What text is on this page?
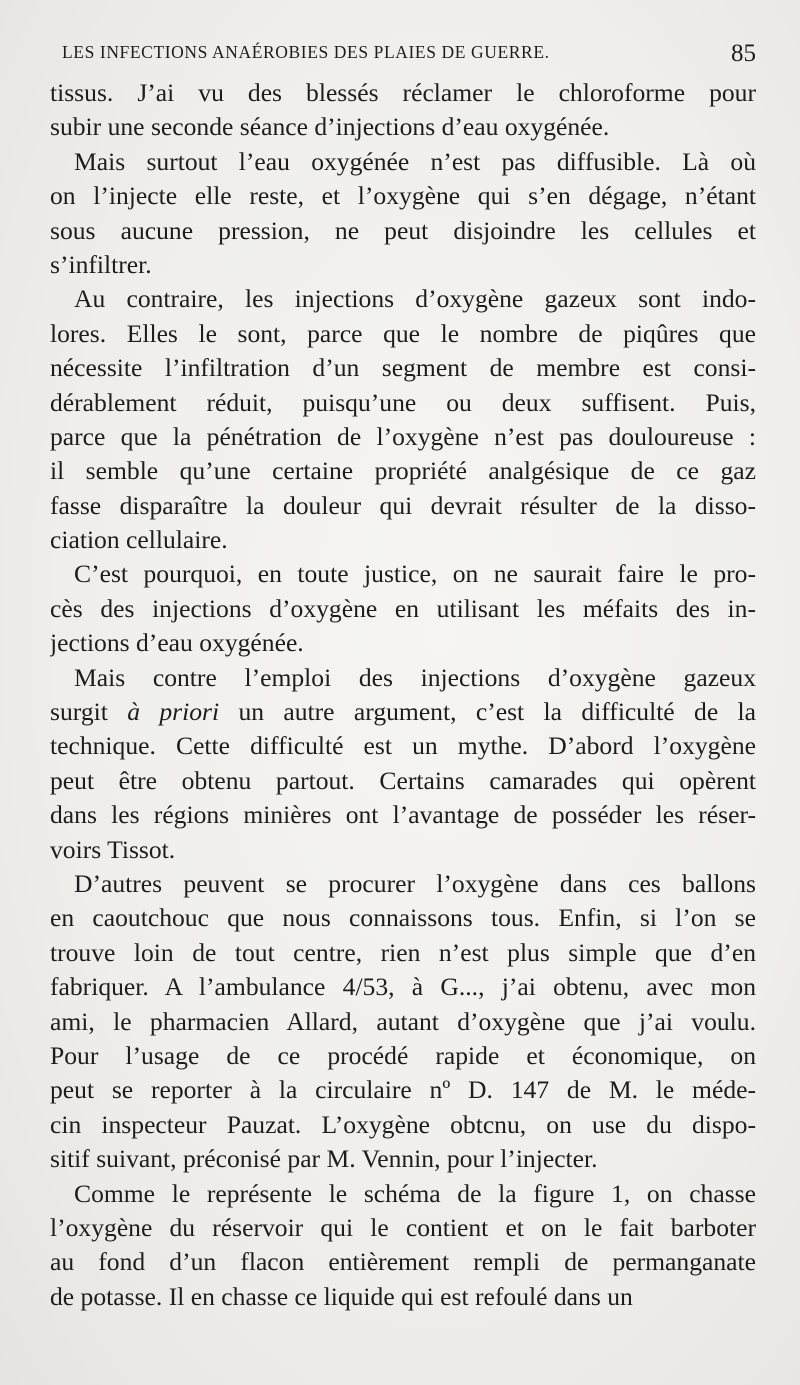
LES INFECTIONS ANAÉROBIES DES PLAIES DE GUERRE.	85
tissus. J’ai vu des blessés réclamer le chloroforme pour
subir une seconde séance d’injections d’eau oxygénée.
Mais surtout l’eau oxygénée n’est pas diffusible. Là où
on l’injecte elle reste, et l’oxygène qui s’en dégage, n’étant
sous aucune pression, ne peut disjoindre les cellules et
s’infiltrer.
Au contraire, les injections d’oxygène gazeux sont indo-
lores. Elles le sont, parce que le nombre de piqûres que
nécessite l’infiltration d’un segment de membre est consi-
dérablement réduit, puisqu’une ou deux suffisent. Puis,
parce que la pénétration de l’oxygène n’est pas douloureuse :
il semble qu’une certaine propriété analgésique de ce gaz
fasse disparaître la douleur qui devrait résulter de la disso-
ciation cellulaire.
C’est pourquoi, en toute justice, on ne saurait faire le pro-
cès des injections d’oxygène en utilisant les méfaits des in-
jections d’eau oxygénée.
Mais contre l’emploi des injections d’oxygène gazeux
surgit à priori un autre argument, c’est la difficulté de la
technique. Cette difficulté est un mythe. D’abord l’oxygène
peut être obtenu partout. Certains camarades qui opèrent
dans les régions minières ont l’avantage de posséder les réser-
voirs Tissot.
D’autres peuvent se procurer l’oxygène dans ces ballons
en caoutchouc que nous connaissons tous. Enfin, si l’on se
trouve loin de tout centre, rien n’est plus simple que d’en
fabriquer. A l’ambulance 4/53, à G..., j’ai obtenu, avec mon
ami, le pharmacien Allard, autant d’oxygène que j’ai voulu.
Pour l’usage de ce procédé rapide et économique, on
peut se reporter à la circulaire nº D. 147 de M. le méde-
cin inspecteur Pauzat. L’oxygène obtcnu, on use du dispo-
sitif suivant, préconisé par M. Vennin, pour l’injecter.
Comme le représente le schéma de la figure 1, on chasse
l’oxygène du réservoir qui le contient et on le fait barboter
au fond d’un flacon entièrement rempli de permanganate
de potasse. Il en chasse ce liquide qui est refoulé dans un
